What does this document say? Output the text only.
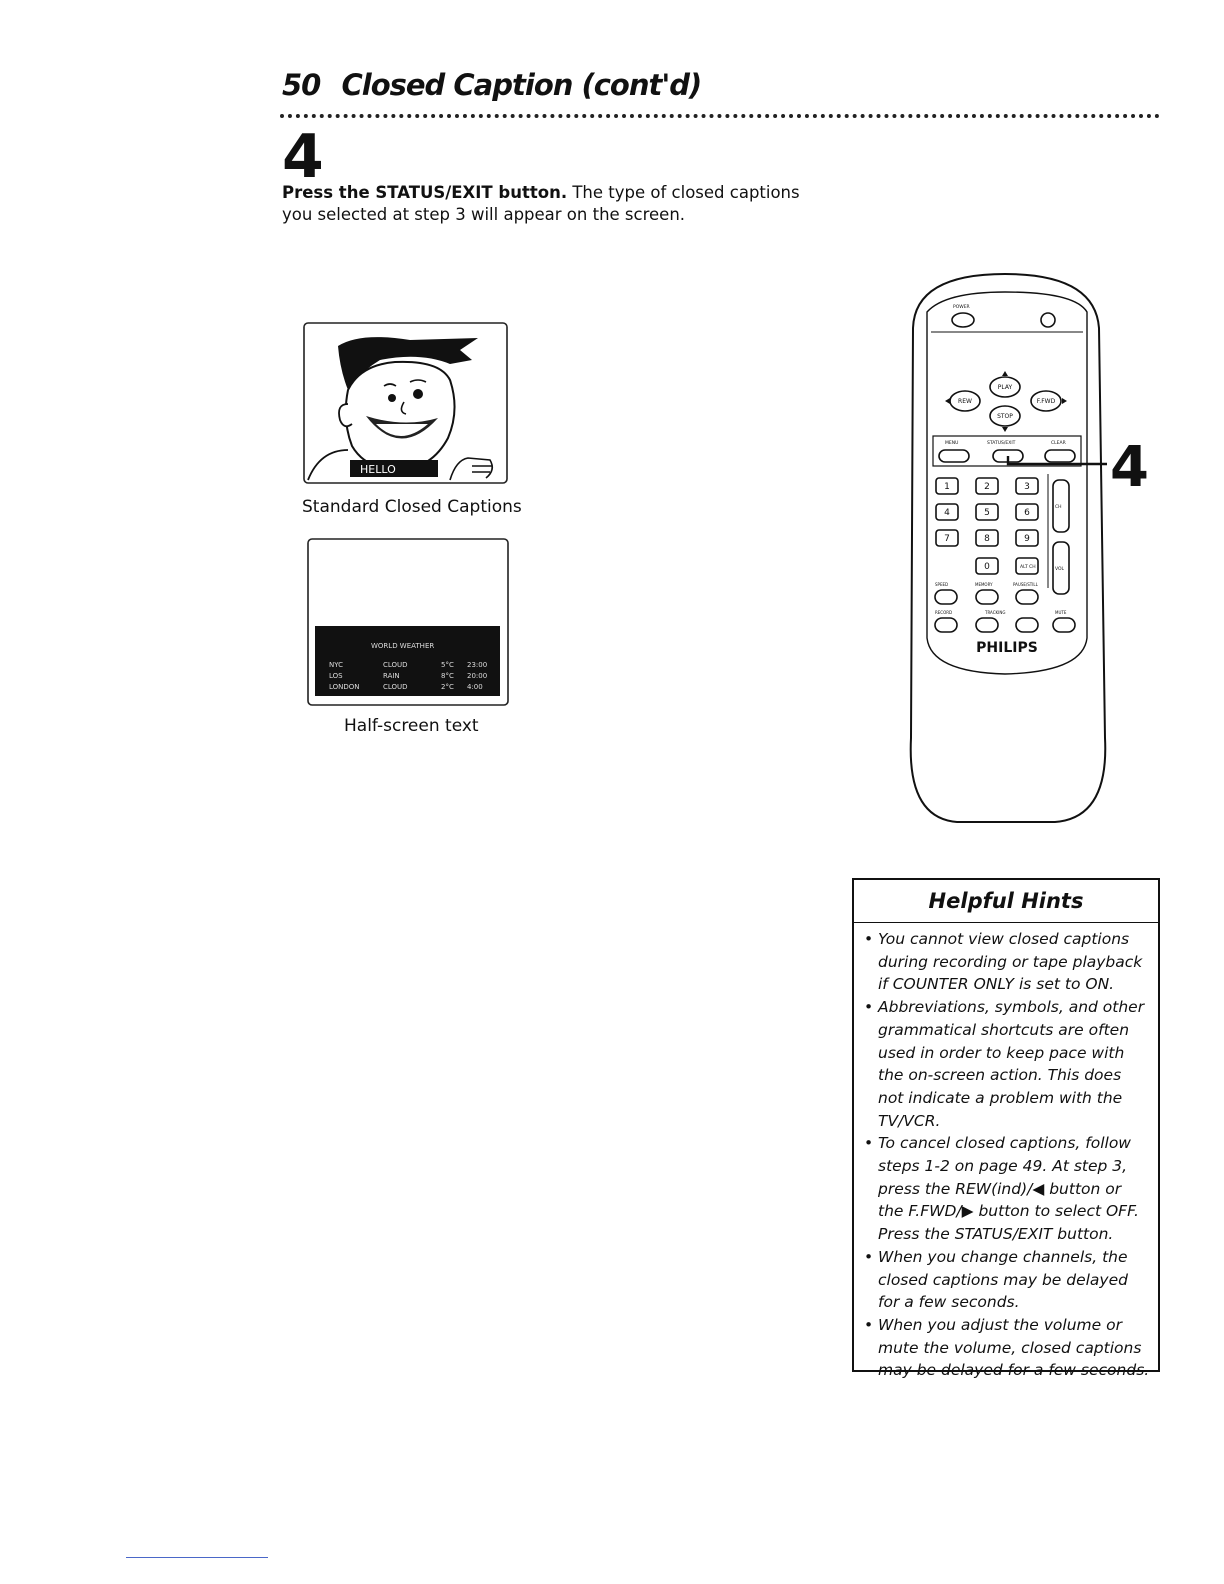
50 Closed Caption (cont'd)
4
Press the STATUS/EXIT button. The type of closed captions
you selected at step 3 will appear on the screen.
HELLO
Standard Closed Captions
WORLD WEATHER
NYC	CLOUD	5°C 23:00
LOS	RAIN	8°C 20:00
LONDON	CLOUD	2°C 4:00
Half-screen text
POWER
PLAY
REW	F.FWD
STOP
MENU	STATUS/EXIT	CLEAR
1	2	3
4	5	6
7	8	9
0	ALT CH
CH
VOL
SPEED	MEMORY	PAUSE/STILL
RECORD	TRACKING	MUTE
PHILIPS
4
Helpful Hints
• You cannot view closed captions during recording or tape playback if COUNTER ONLY is set to ON.
• Abbreviations, symbols, and other grammatical shortcuts are often used in order to keep pace with the on-screen action. This does not indicate a problem with the TV/VCR.
• To cancel closed captions, follow steps 1-2 on page 49. At step 3, press the REW(ind)/◀ button or the F.FWD/▶ button to select OFF. Press the STATUS/EXIT button.
• When you change channels, the closed captions may be delayed for a few seconds.
• When you adjust the volume or mute the volume, closed captions may be delayed for a few seconds.
